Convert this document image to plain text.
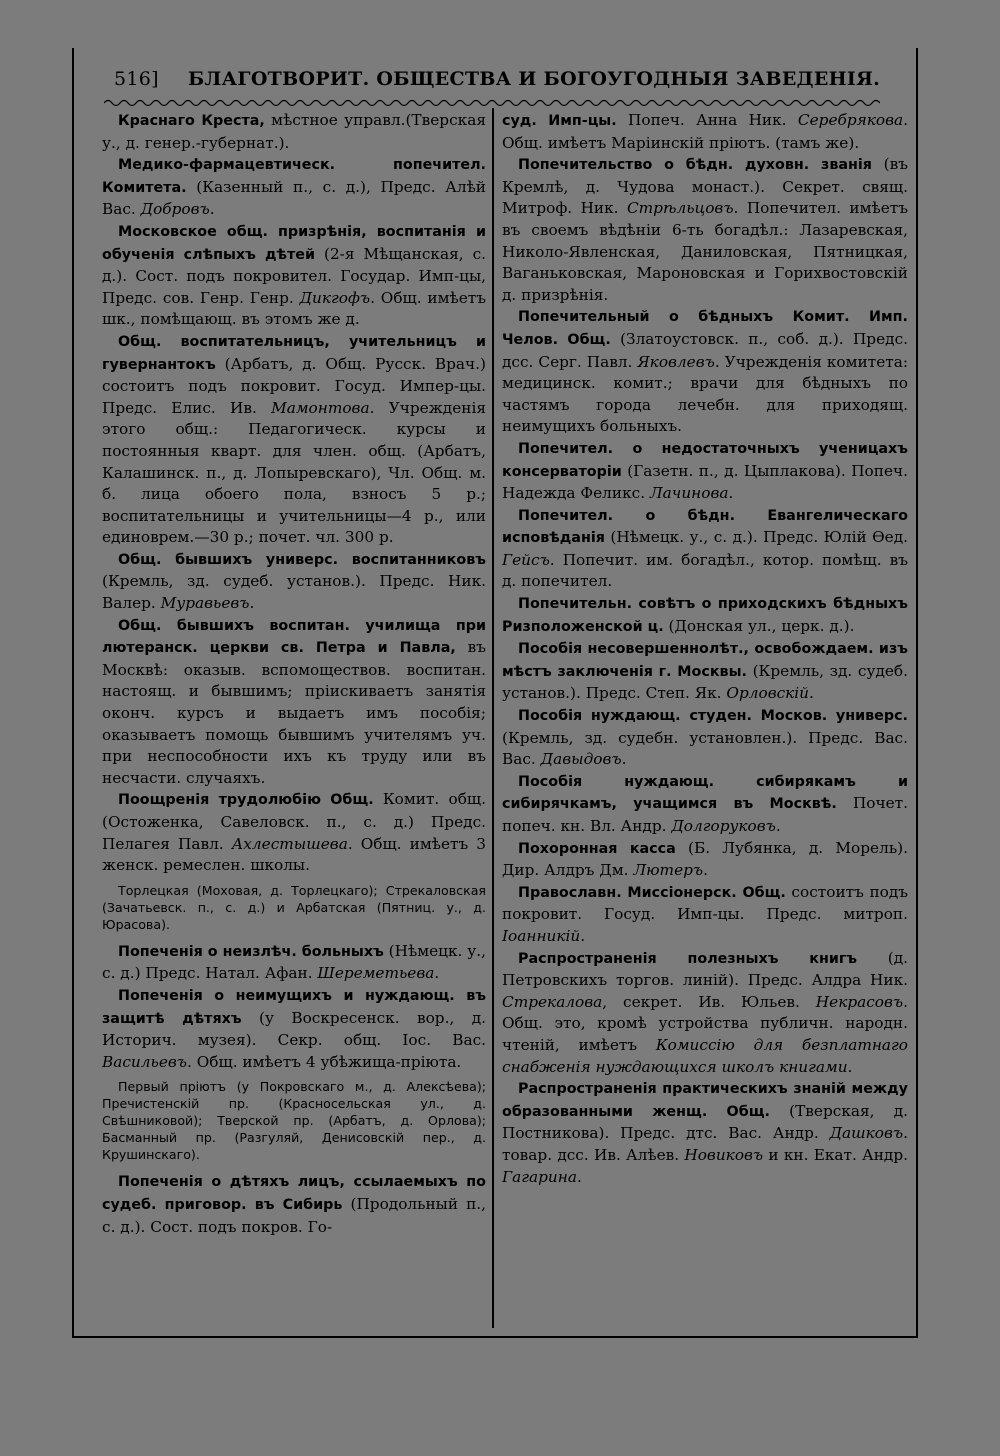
516] БЛАГОТВОРИТ. ОБЩЕСТВА И БОГОУГОДНЫЯ ЗАВЕДЕНІЯ.

Краснаго Креста, мѣстное управл.(Тверская у., д. генер.-губернат.).

Медико-фармацевтическ. попечител. Комитета. (Казенный п., с. д.), Предс. Алѣй Вас. Добровъ.

Московское общ. призрѣнія, воспитанія и обученія слѣпыхъ дѣтей (2-я Мѣщанская, с. д.). Сост. подъ покровител. Государ. Имп-цы, Предс. сов. Генр. Генр. Дикгофъ. Общ. имѣетъ шк., помѣщающ. въ этомъ же д.

Общ. воспитательницъ, учительницъ и гувернантокъ (Арбатъ, д. Общ. Русск. Врач.) состоитъ подъ покровит. Госуд. Импер-цы. Предс. Елис. Ив. Мамонтова. Учрежденія этого общ.: Педагогическ. курсы и постоянныя кварт. для член. общ. (Арбатъ, Калашинск. п., д. Лопыревскаго), Чл. Общ. м. б. лица обоего пола, взносъ 5 р.; воспитательницы и учительницы—4 р., или единоврем.—30 р.; почет. чл. 300 р.

Общ. бывшихъ универс. воспитанниковъ (Кремль, зд. судеб. установ.). Предс. Ник. Валер. Муравьевъ.

Общ. бывшихъ воспитан. училища при лютеранск. церкви св. Петра и Павла, въ Москвѣ: оказыв. вспомоществов. воспитан. настоящ. и бывшимъ; пріискиваетъ занятія оконч. курсъ и выдаетъ имъ пособія; оказываетъ помощь бывшимъ учителямъ уч. при неспособности ихъ къ труду или въ несчасти. случаяхъ.

Поощренія трудолюбію Общ. Комит. общ. (Остоженка, Савеловск. п., с. д.) Предс. Пелагея Павл. Ахлестышева. Общ. имѣетъ 3 женск. ремеслен. школы.

Торлецкая (Моховая, д. Торлецкаго); Стрекаловская (Зачатьевск. п., с. д.) и Арбатская (Пятниц. у., д. Юрасова).

Попеченія о неизлѣч. больныхъ (Нѣмецк. у., с. д.) Предс. Натал. Афан. Шереметьева.

Попеченія о неимущихъ и нуждающ. въ защитѣ дѣтяхъ (у Воскресенск. вор., д. Историч. музея). Секр. общ. Іос. Вас. Васильевъ. Общ. имѣетъ 4 убѣжища-пріюта.

Первый пріютъ (у Покровскаго м., д. Алексѣева); Пречистенскій пр. (Красносельская ул., д. Свѣшниковой); Тверской пр. (Арбатъ, д. Орлова); Басманный пр. (Разгуляй, Денисовскій пер., д. Крушинскаго).

Попеченія о дѣтяхъ лицъ, ссылаемыхъ по судеб. приговор. въ Сибирь (Продольный п., с. д.). Сост. подъ покров. Го-

суд. Имп-цы. Попеч. Анна Ник. Серебрякова. Общ. имѣетъ Маріинскій пріютъ. (тамъ же).

Попечительство о бѣдн. духовн. званія (въ Кремлѣ, д. Чудова монаст.). Секрет. свящ. Митроф. Ник. Стрѣльцовъ. Попечител. имѣетъ въ своемъ вѣдѣніи 6-ть богадѣл.: Лазаревская, Николо-Явленская, Даниловская, Пятницкая, Ваганьковская, Мароновская и Горихвостовскій д. призрѣнія.

Попечительный о бѣдныхъ Комит. Имп. Челов. Общ. (Златоустовск. п., соб. д.). Предс. дсс. Серг. Павл. Яковлевъ. Учрежденія комитета: медицинск. комит.; врачи для бѣдныхъ по частямъ города лечебн. для приходящ. неимущихъ больныхъ.

Попечител. о недостаточныхъ ученицахъ консерваторіи (Газетн. п., д. Цыплакова). Попеч. Надежда Феликс. Лачинова.

Попечител. о бѣдн. Евангелическаго исповѣданія (Нѣмецк. у., с. д.). Предс. Юлій Өед. Гейсъ. Попечит. им. богадѣл., котор. помѣщ. въ д. попечител.

Попечительн. совѣтъ о приходскихъ бѣдныхъ Ризположенской ц. (Донская ул., церк. д.).

Пособія несовершеннолѣт., освобождаем. изъ мѣстъ заключенія г. Москвы. (Кремль, зд. судеб. установ.). Предс. Степ. Як. Орловскій.

Пособія нуждающ. студен. Москов. универс. (Кремль, зд. судебн. установлен.). Предс. Вас. Вас. Давыдовъ.

Пособія нуждающ. сибирякамъ и сибирячкамъ, учащимся въ Москвѣ. Почет. попеч. кн. Вл. Андр. Долгоруковъ.

Похоронная касса (Б. Лубянка, д. Морель). Дир. Алдръ Дм. Лютеръ.

Православн. Миссіонерск. Общ. состоитъ подъ покровит. Госуд. Имп-цы. Предс. митроп. Іоанникій.

Распространенія полезныхъ книгъ (д. Петровскихъ торгов. линій). Предс. Алдра Ник. Стрекалова, секрет. Ив. Юльев. Некрасовъ. Общ. это, кромѣ устройства публичн. народн. чтеній, имѣетъ Комиссію для безплатнаго снабженія нуждающихся школъ книгами.

Распространенія практическихъ знаній между образованными женщ. Общ. (Тверская, д. Постникова). Предс. дтс. Вас. Андр. Дашковъ. товар. дсс. Ив. Алѣев. Новиковъ и кн. Екат. Андр. Гагарина.
